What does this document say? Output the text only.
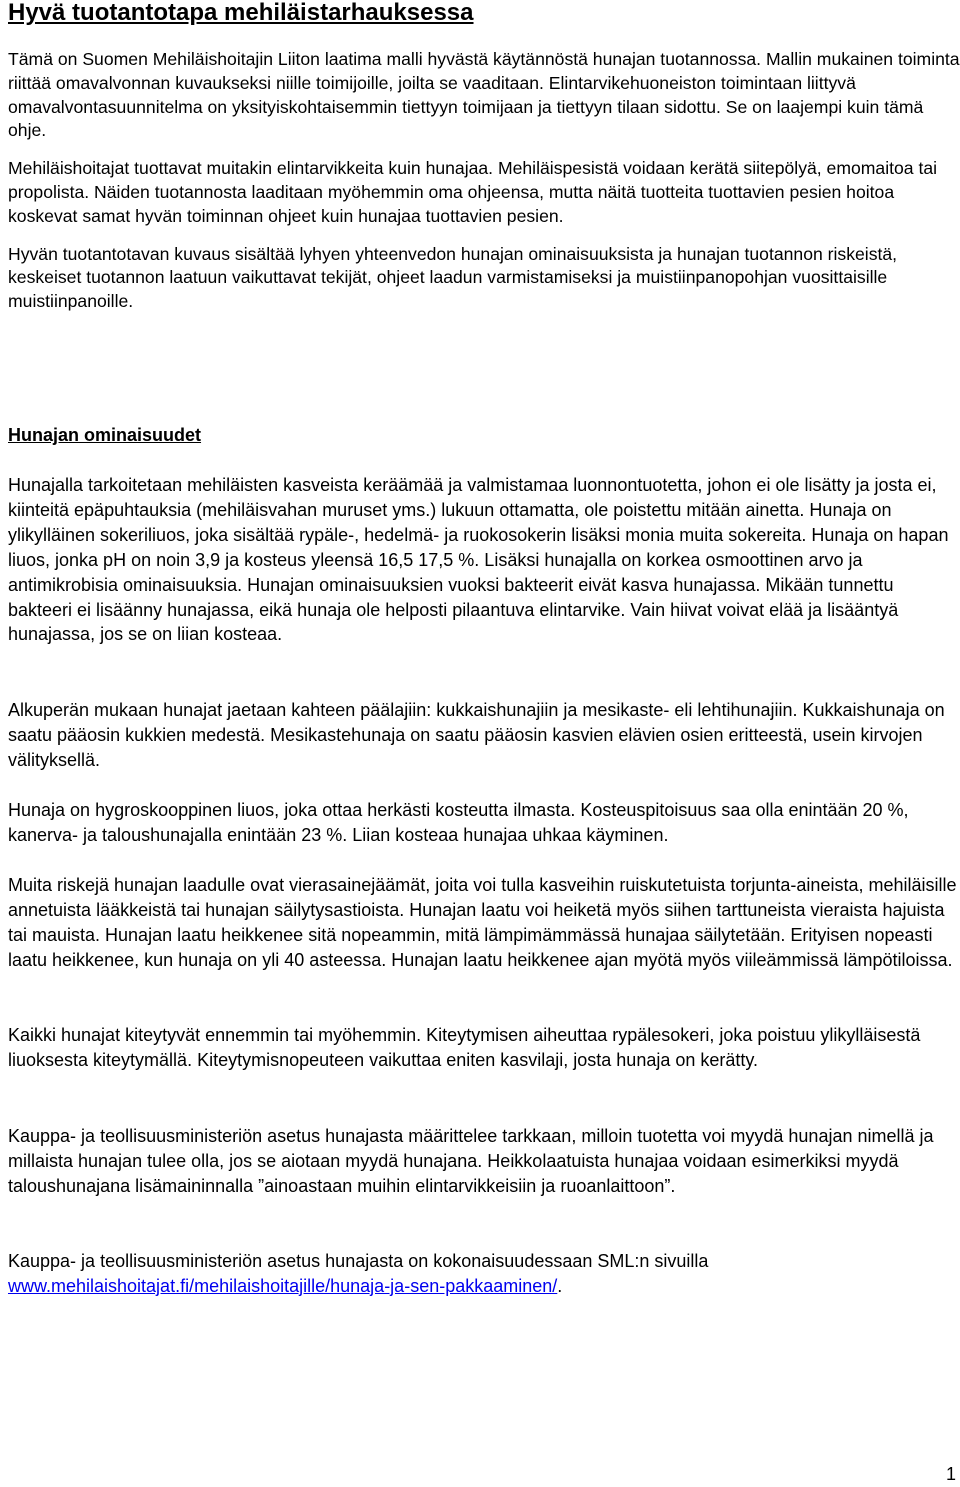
Hyvä tuotantotapa mehiläistarhauksessa

Tämä on Suomen Mehiläishoitajin Liiton laatima malli hyvästä käytännöstä hunajan tuotannossa. Mallin mukainen toiminta riittää omavalvonnan kuvaukseksi niille toimijoille, joilta se vaaditaan. Elintarvikehuoneiston toimintaan liittyvä omavalvontasuunnitelma on yksityiskohtaisemmin tiettyyn toimijaan ja tiettyyn tilaan sidottu. Se on laajempi kuin tämä ohje.

Mehiläishoitajat tuottavat muitakin elintarvikkeita kuin hunajaa. Mehiläispesistä voidaan kerätä siitepölyä, emomaitoa tai propolista. Näiden tuotannosta laaditaan myöhemmin oma ohjeensa, mutta näitä tuotteita tuottavien pesien hoitoa koskevat samat hyvän toiminnan ohjeet kuin hunajaa tuottavien pesien.

Hyvän tuotantotavan kuvaus sisältää lyhyen yhteenvedon hunajan ominaisuuksista ja hunajan tuotannon riskeistä, keskeiset tuotannon laatuun vaikuttavat tekijät, ohjeet laadun varmistamiseksi ja muistiinpanopohjan vuosittaisille muistiinpanoille.

Hunajan ominaisuudet

Hunajalla tarkoitetaan mehiläisten kasveista keräämää ja valmistamaa luonnontuotetta, johon ei ole lisätty ja josta ei, kiinteitä epäpuhtauksia (mehiläisvahan muruset yms.) lukuun ottamatta, ole poistettu mitään ainetta. Hunaja on ylikylläinen sokeriliuos, joka sisältää rypäle-, hedelmä- ja ruokosokerin lisäksi monia muita sokereita. Hunaja on hapan liuos, jonka pH on noin 3,9 ja kosteus yleensä 16,5 17,5 %. Lisäksi hunajalla on korkea osmoottinen arvo ja antimikrobisia ominaisuuksia. Hunajan ominaisuuksien vuoksi bakteerit eivät kasva hunajassa. Mikään tunnettu bakteeri ei lisäänny hunajassa, eikä hunaja ole helposti pilaantuva elintarvike. Vain hiivat voivat elää ja lisääntyä hunajassa, jos se on liian kosteaa.

Alkuperän mukaan hunajat jaetaan kahteen päälajiin: kukkaishunajiin ja mesikaste- eli lehtihunajiin. Kukkaishunaja on saatu pääosin kukkien medestä. Mesikastehunaja on saatu pääosin kasvien elävien osien eritteestä, usein kirvojen välityksellä.

Hunaja on hygroskooppinen liuos, joka ottaa herkästi kosteutta ilmasta. Kosteuspitoisuus saa olla enintään 20 %, kanerva- ja taloushunajalla enintään 23 %. Liian kosteaa hunajaa uhkaa käyminen.

Muita riskejä hunajan laadulle ovat vierasainejäämät, joita voi tulla kasveihin ruiskutetuista torjunta-aineista, mehiläisille annetuista lääkkeistä tai hunajan säilytysastioista. Hunajan laatu voi heiketä myös siihen tarttuneista vieraista hajuista tai mauista. Hunajan laatu heikkenee sitä nopeammin, mitä lämpimämmässä hunajaa säilytetään. Erityisen nopeasti laatu heikkenee, kun hunaja on yli 40 asteessa. Hunajan laatu heikkenee ajan myötä myös viileämmissä lämpötiloissa.

Kaikki hunajat kiteytyvät ennemmin tai myöhemmin. Kiteytymisen aiheuttaa rypälesokeri, joka poistuu ylikylläisestä liuoksesta kiteytymällä. Kiteytymisnopeuteen vaikuttaa eniten kasvilaji, josta hunaja on kerätty.

Kauppa- ja teollisuusministeriön asetus hunajasta määrittelee tarkkaan, milloin tuotetta voi myydä hunajan nimellä ja millaista hunajan tulee olla, jos se aiotaan myydä hunajana. Heikkolaatuista hunajaa voidaan esimerkiksi myydä taloushunajana lisämaininnalla ”ainoastaan muihin elintarvikkeisiin ja ruoanlaittoon”.

Kauppa- ja teollisuusministeriön asetus hunajasta on kokonaisuudessaan SML:n sivuilla
www.mehilaishoitajat.fi/mehilaishoitajille/hunaja-ja-sen-pakkaaminen/.

1
